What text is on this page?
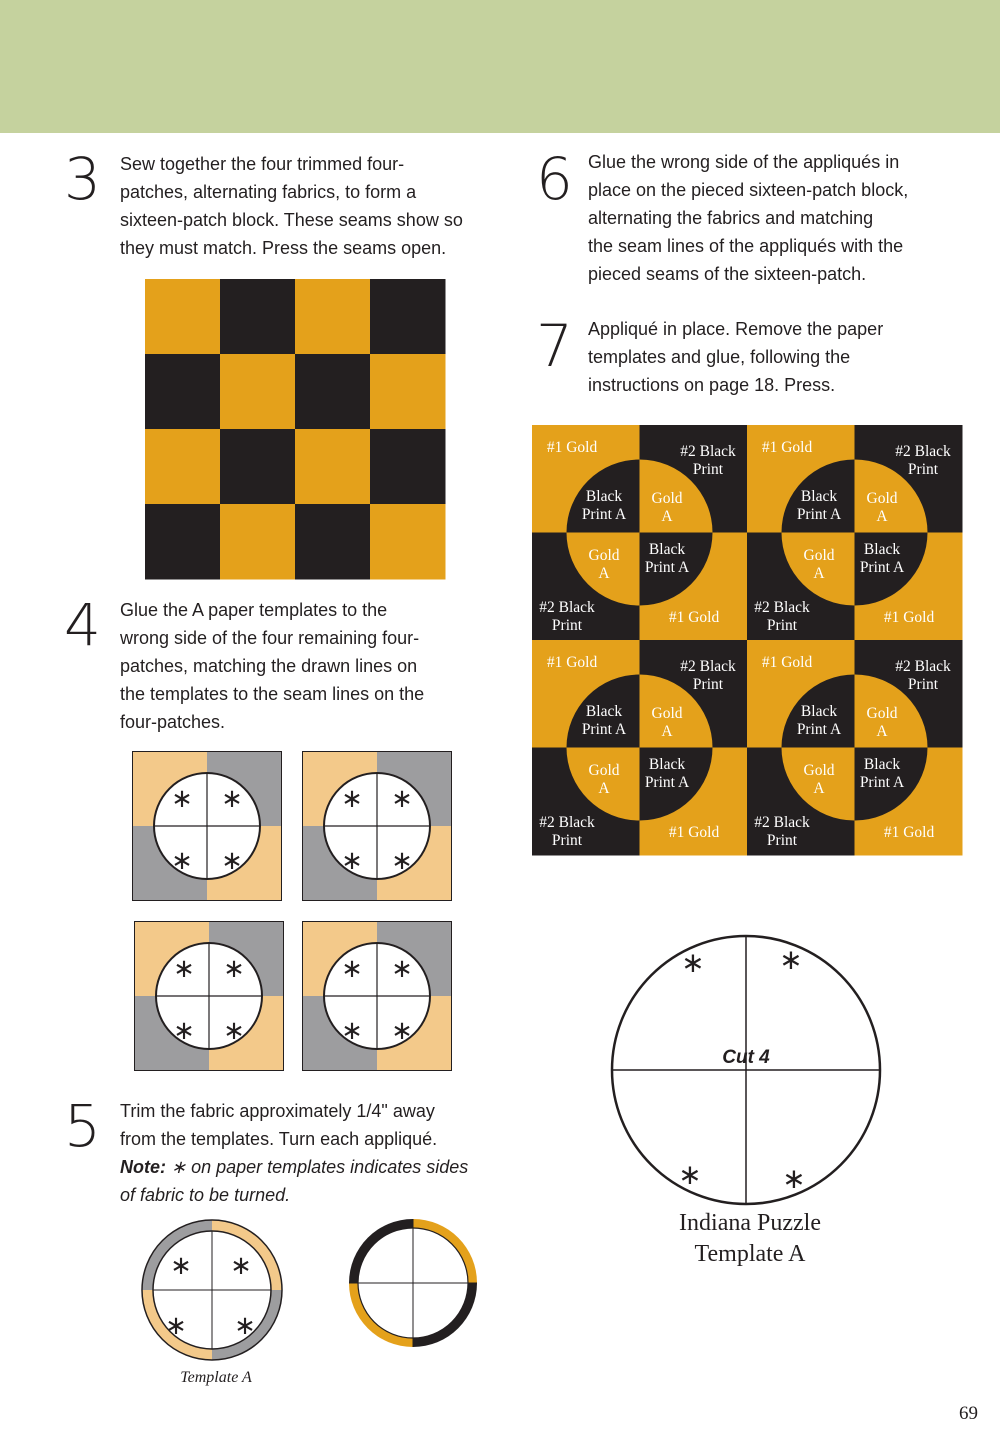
3 Sew together the four trimmed four-
patches, alternating fabrics, to form a
sixteen-patch block. These seams show so
they must match. Press the seams open.
4 Glue the A paper templates to the
wrong side of the four remaining four-
patches, matching the drawn lines on
the templates to the seam lines on the
four-patches.
∗ ∗
∗ ∗
∗ ∗
∗ ∗
∗ ∗
∗ ∗
∗ ∗
∗ ∗
5 Trim the fabric approximately 1/4" away
from the templates. Turn each appliqué.
Note: ∗ on paper templates indicates sides
of fabric to be turned.
∗ ∗
∗ ∗
Template A
6 Glue the wrong side of the appliqués in
place on the pieced sixteen-patch block,
alternating the fabrics and matching
the seam lines of the appliqués with the
pieced seams of the sixteen-patch.
7 Appliqué in place. Remove the paper
templates and glue, following the
instructions on page 18. Press.
#1 Gold	#2 Black
Print
Black
Print A
Gold
A
Gold
A
Black
Print A
#2 Black
Print	#1 Gold
#1 Gold	#2 Black
Print
Black
Print A
Gold
A
Gold
A
Black
Print A
#2 Black
Print	#1 Gold
#1 Gold	#2 Black
Print
Black
Print A
Gold
A
Gold
A
Black
Print A
#2 Black
Print	#1 Gold
#1 Gold	#2 Black
Print
Black
Print A
Gold
A
Gold
A
Black
Print A
#2 Black
Print	#1 Gold
∗	∗
∗	∗
Cut 4
Indiana Puzzle
Template A
69
